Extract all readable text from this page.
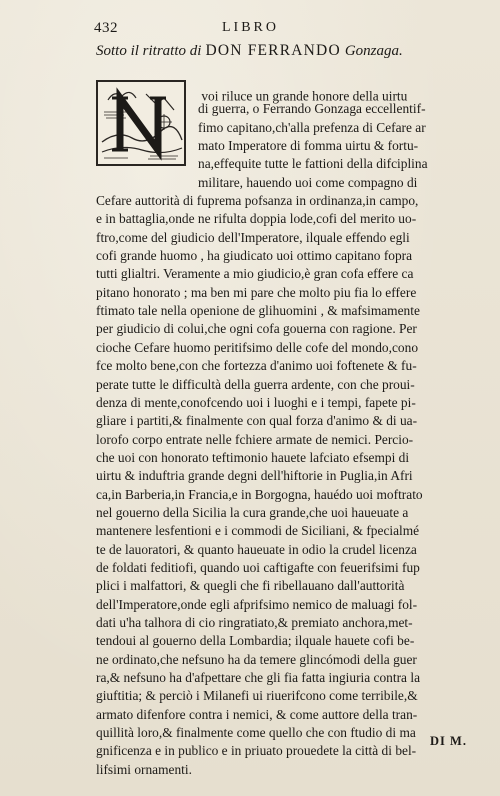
432	LIBRO
Sotto il ritratto di DON FERRANDO Gonzaga.
voi riluce un grande honore della uirtu
di guerra, o Ferrando Gonzaga eccellentif-
fimo capitano,ch'alla prefenza di Cefare ar
mato Imperatore di fomma uirtu & fortu-
na,effequite tutte le fattioni della difciplina
militare, hauendo uoi come compagno di
Cefare auttorità di fuprema pofsanza in ordinanza,in campo,
e in battaglia,onde ne rifulta doppia lode,cofi del merito uo-
ftro,come del giudicio dell'Imperatore, ilquale effendo egli
cofi grande huomo , ha giudicato uoi ottimo capitano fopra
tutti glialtri. Veramente a mio giudicio,è gran cofa effere ca
pitano honorato ; ma ben mi pare che molto piu fia lo effere
ftimato tale nella openione de glihuomini , & mafsimamente
per giudicio di colui,che ogni cofa gouerna con ragione. Per
cioche Cefare huomo peritifsimo delle cofe del mondo,cono
fce molto bene,con che fortezza d'animo uoi foftenete & fu-
perate tutte le difficultà della guerra ardente, con che proui-
denza di mente,conofcendo uoi i luoghi e i tempi, fapete pi-
gliare i partiti,& finalmente con qual forza d'animo & di ua-
lorofo corpo entrate nelle fchiere armate de nemici. Percio-
che uoi con honorato teftimonio hauete lafciato efsempi di
uirtu & induftria grande degni dell'hiftorie in Puglia,in Afri
ca,in Barberia,in Francia,e in Borgogna, hauédo uoi moftrato
nel gouerno della Sicilia la cura grande,che uoi haueuate a
mantenere lesfentioni e i commodi de Siciliani, & fpecialmé
te de lauoratori, & quanto haueuate in odio la crudel licenza
de foldati feditiofi, quando uoi caftigafte con feuerifsimi fup
plici i malfattori, & quegli che fi ribellauano dall'auttorità
dell'Imperatore,onde egli afprifsimo nemico de maluagi fol-
dati u'ha talhora di cio ringratiato,& premiato anchora,met-
tendoui al gouerno della Lombardia; ilquale hauete cofi be-
ne ordinato,che nefsuno ha da temere glincómodi della guer
ra,& nefsuno ha d'afpettare che gli fia fatta ingiuria contra la
giuftitia; & perciò i Milanefi ui riuerifcono come terribile,&
armato difenfore contra i nemici, & come auttore della tran-
quillità loro,& finalmente come quello che con ftudio di ma
gnificenza e in publico e in priuato prouedete la città di bel-
lifsimi ornamenti.
DI M.
